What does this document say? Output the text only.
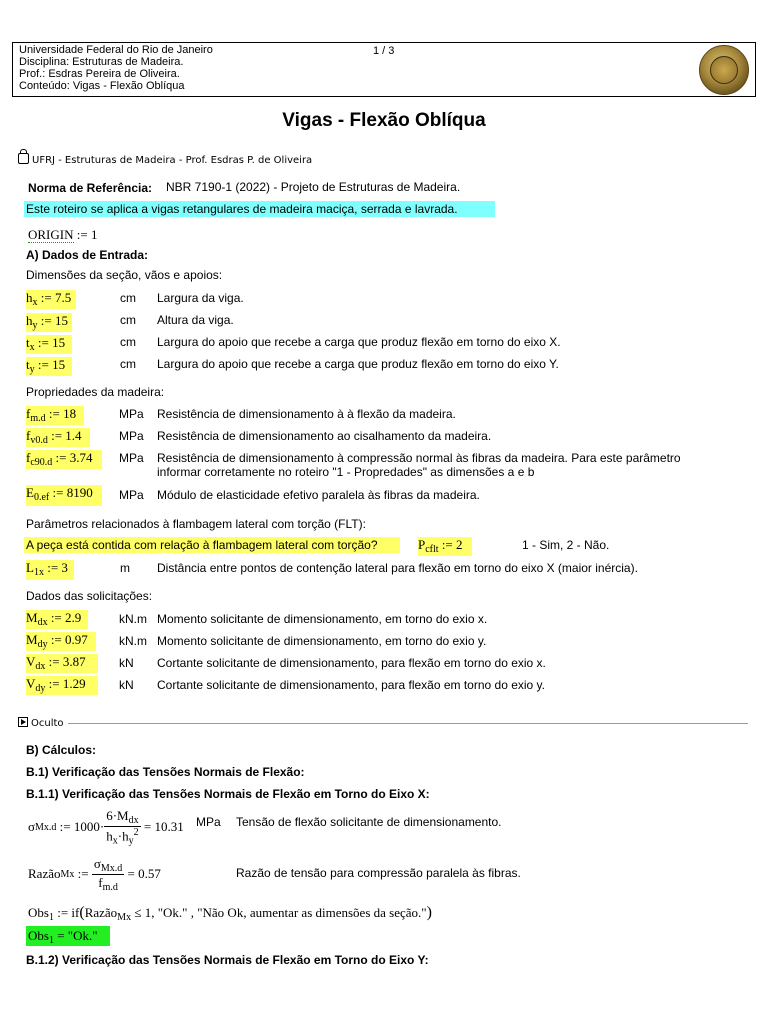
Universidade Federal do Rio de Janeiro	1 / 3
Disciplina: Estruturas de Madeira.
Prof.: Esdras Pereira de Oliveira.
Conteúdo: Vigas - Flexão Oblíqua
Vigas - Flexão Oblíqua
UFRJ - Estruturas de Madeira - Prof. Esdras P. de Oliveira
Norma de Referência: NBR 7190-1 (2022) - Projeto de Estruturas de Madeira.
Este roteiro se aplica a vigas retangulares de madeira maciça, serrada e lavrada.
ORIGIN := 1
A) Dados de Entrada:
Dimensões da seção, vãos e apoios:
$h_x$ := 7.5	cm Largura da viga.
$h_y$ := 15	cm Altura da viga.
$t_x$ := 15	cm Largura do apoio que recebe a carga que produz flexão em torno do eixo X.
$t_y$ := 15	cm Largura do apoio que recebe a carga que produz flexão em torno do eixo Y.
Propriedades da madeira:
$f_{m.d}$ := 18	MPa Resistência de dimensionamento à à flexão da madeira.
$f_{v0.d}$ := 1.4	MPa Resistência de dimensionamento ao cisalhamento da madeira.
$f_{c90.d}$ := 3.74	MPa Resistência de dimensionamento à compressão normal às fibras da madeira. Para este parâmetro
informar corretamente no roteiro "1 - Propredades" as dimensões a e b
$E_{0.ef}$ := 8190	MPa Módulo de elasticidade efetivo paralela às fibras da madeira.
Parâmetros relacionados à flambagem lateral com torção (FLT):
A peça está contida com relação à flambagem lateral com torção?	$P_{cflt}$ := 2	1 - Sim, 2 - Não.
$L_{1x}$ := 3	m Distância entre pontos de contenção lateral para flexão em torno do eixo X (maior inércia).
Dados das solicitações:
$M_{dx}$ := 2.9	kN.m Momento solicitante de dimensionamento, em torno do exio x.
$M_{dy}$ := 0.97	kN.m Momento solicitante de dimensionamento, em torno do exio y.
$V_{dx}$ := 3.87	kN Cortante solicitante de dimensionamento, para flexão em torno do exio x.
$V_{dy}$ := 1.29	kN Cortante solicitante de dimensionamento, para flexão em torno do exio y.
Oculto
B) Cálculos:
B.1) Verificação das Tensões Normais de Flexão:
B.1.1) Verificação das Tensões Normais de Flexão em Torno do Eixo X:
σ Mx.d := $1000 \cdot \frac{6\cdot M_{dx}}{h_x\cdot h_y^2} = 10.31$ MPa Tensão de flexão solicitante de dimensionamento.
Razão Mx := $\frac{\sigma_{Mx.d}}{f_{m.d}} = 0.57$	Razão de tensão para compressão paralela às fibras.
Obs$_1$ := if(Razão$_{Mx}$ ≤ 1, "Ok." , "Não Ok, aumentar as dimensões da seção.")
Obs$_1$ = "Ok."
B.1.2) Verificação das Tensões Normais de Flexão em Torno do Eixo Y:
